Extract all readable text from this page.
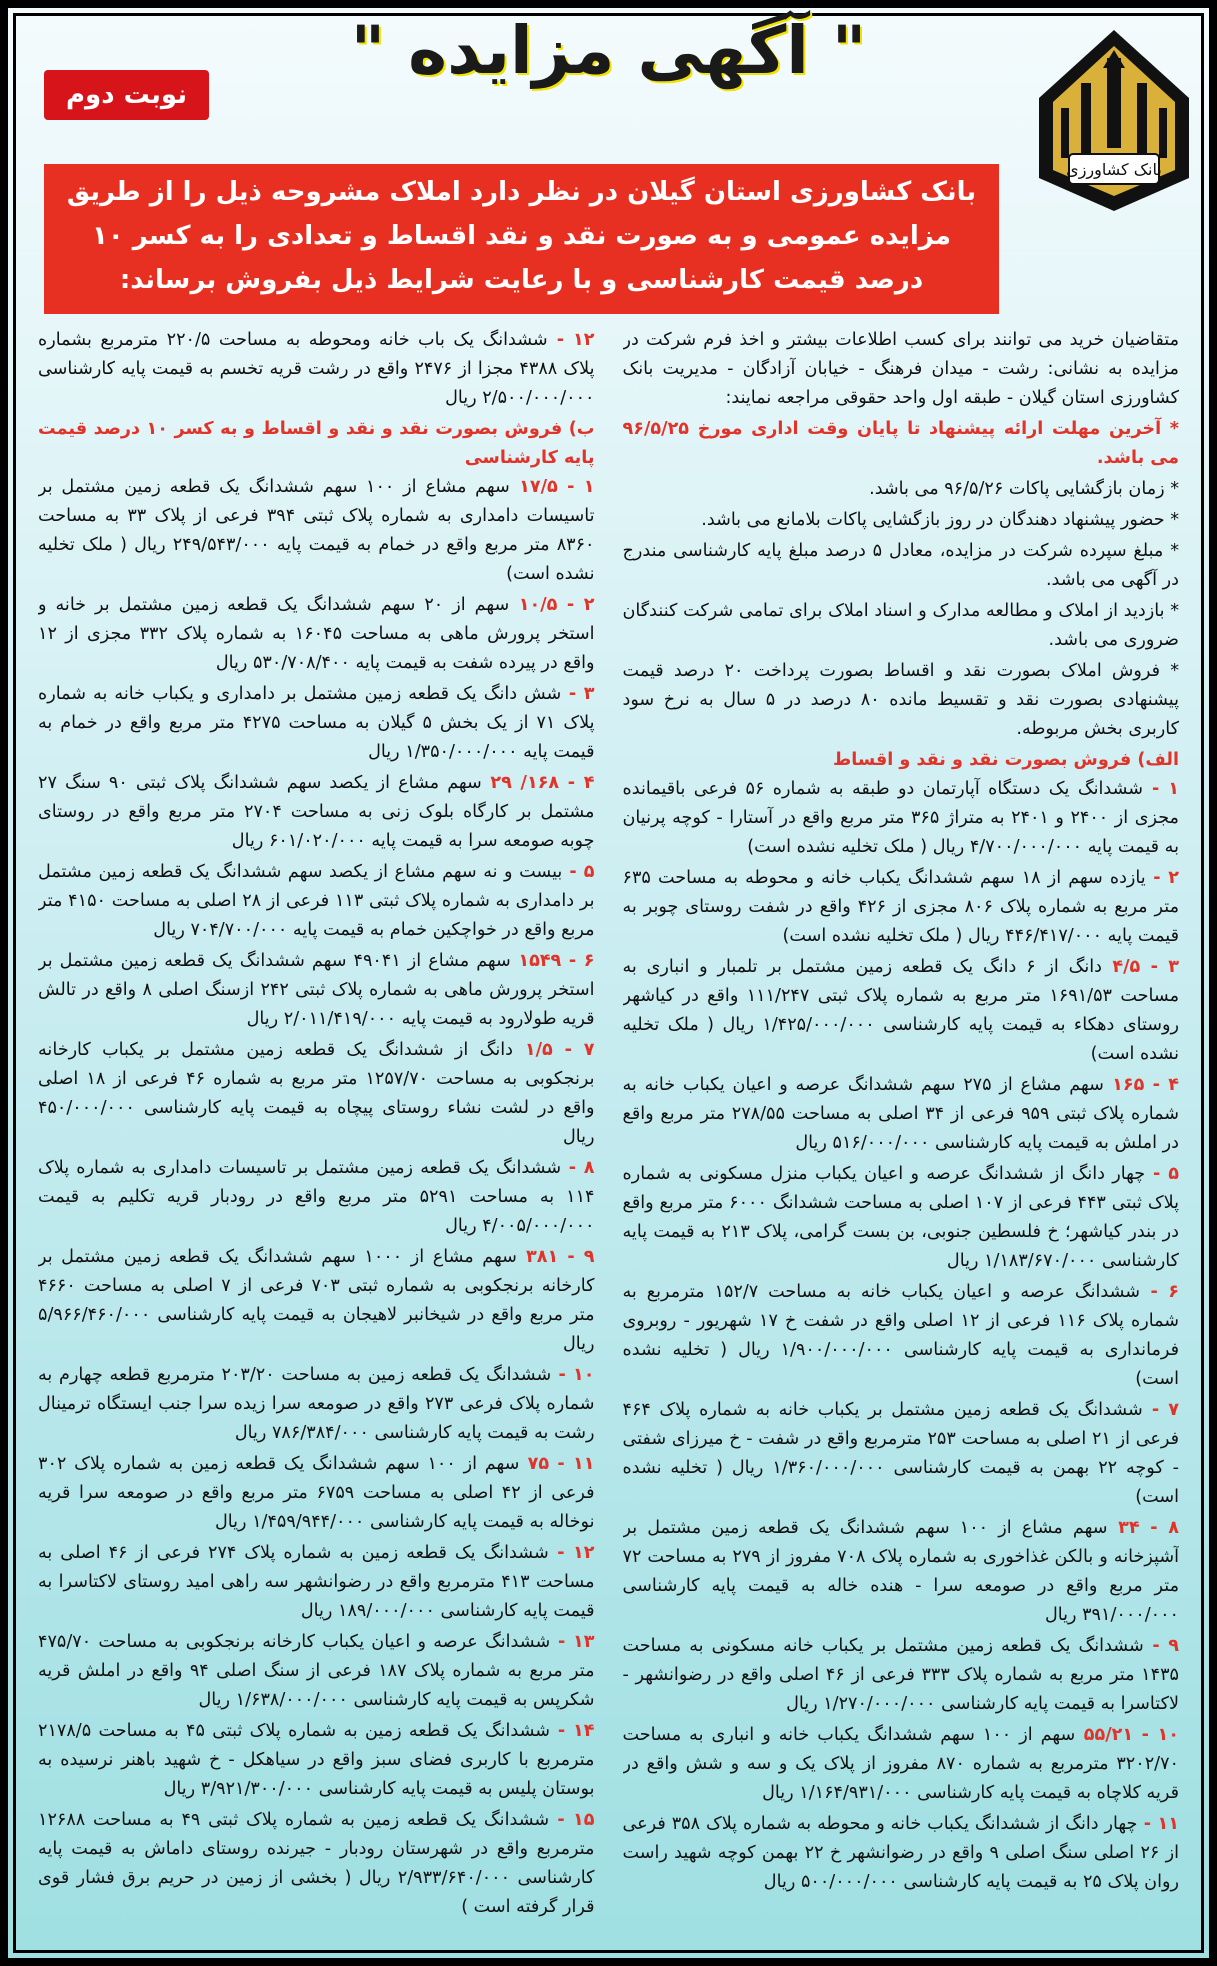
بانک کشاورزی
" آگهی مزایده "
نوبت دوم
بانک کشاورزی استان گیلان در نظر دارد املاک مشروحه ذیل را از طریق مزایده عمومی و به صورت نقد و نقد اقساط و تعدادی را به کسر ۱۰ درصد قیمت کارشناسی و با رعایت شرایط ذیل بفروش برساند:

متقاضیان خرید می توانند برای کسب اطلاعات بیشتر و اخذ فرم شرکت در مزایده به نشانی: رشت - میدان فرهنگ - خیابان آزادگان - مدیریت بانک کشاورزی استان گیلان - طبقه اول واحد حقوقی مراجعه نمایند:

* آخرین مهلت ارائه پیشنهاد تا پایان وقت اداری مورخ ۹۶/۵/۲۵ می باشد.

* زمان بازگشایی پاکات ۹۶/۵/۲۶ می باشد.

* حضور پیشنهاد دهندگان در روز بازگشایی پاکات بلامانع می باشد.

* مبلغ سپرده شرکت در مزایده، معادل ۵ درصد مبلغ پایه کارشناسی مندرج در آگهی می باشد.

* بازدید از املاک و مطالعه مدارک و اسناد املاک برای تمامی شرکت کنندگان ضروری می باشد.

* فروش املاک بصورت نقد و اقساط بصورت پرداخت ۲۰ درصد قیمت پیشنهادی بصورت نقد و تقسیط مانده ۸۰ درصد در ۵ سال به نرخ سود کاربری بخش مربوطه.

الف) فروش بصورت نقد و نقد و اقساط

۱ - ششدانگ یک دستگاه آپارتمان دو طبقه به شماره ۵۶ فرعی باقیمانده مجزی از ۲۴۰۰ و ۲۴۰۱ به متراژ ۳۶۵ متر مربع واقع در آستارا - کوچه پرنیان به قیمت پایه ۴/۷۰۰/۰۰۰/۰۰۰ ریال ( ملک تخلیه نشده است)

۲ - یازده سهم از ۱۸ سهم ششدانگ یکباب خانه و محوطه به مساحت ۶۳۵ متر مربع به شماره پلاک ۸۰۶ مجزی از ۴۲۶ واقع در شفت روستای چوبر به قیمت پایه ۴۴۶/۴۱۷/۰۰۰ ریال ( ملک تخلیه نشده است)

۳ - ۴/۵ دانگ از ۶ دانگ یک قطعه زمین مشتمل بر تلمبار و انباری به مساحت ۱۶۹۱/۵۳ متر مربع به شماره پلاک ثبتی ۱۱۱/۲۴۷ واقع در کیاشهر روستای دهکاء به قیمت پایه کارشناسی ۱/۴۲۵/۰۰۰/۰۰۰ ریال ( ملک تخلیه نشده است)

۴ - ۱۶۵ سهم مشاع از ۲۷۵ سهم ششدانگ عرصه و اعیان یکباب خانه به شماره پلاک ثبتی ۹۵۹ فرعی از ۳۴ اصلی به مساحت ۲۷۸/۵۵ متر مربع واقع در املش به قیمت پایه کارشناسی ۵۱۶/۰۰۰/۰۰۰ ریال

۵ - چهار دانگ از ششدانگ عرصه و اعیان یکباب منزل مسکونی به شماره پلاک ثبتی ۴۴۳ فرعی از ۱۰۷ اصلی به مساحت ششدانگ ۶۰۰۰ متر مربع واقع در بندر کیاشهر؛ خ فلسطین جنوبی، بن بست گرامی، پلاک ۲۱۳ به قیمت پایه کارشناسی ۱/۱۸۳/۶۷۰/۰۰۰ ریال

۶ - ششدانگ عرصه و اعیان یکباب خانه به مساحت ۱۵۲/۷ مترمربع به شماره پلاک ۱۱۶ فرعی از ۱۲ اصلی واقع در شفت خ ۱۷ شهریور - روبروی فرمانداری به قیمت پایه کارشناسی ۱/۹۰۰/۰۰۰/۰۰۰ ریال ( تخلیه نشده است)

۷ - ششدانگ یک قطعه زمین مشتمل بر یکباب خانه به شماره پلاک ۴۶۴ فرعی از ۲۱ اصلی به مساحت ۲۵۳ مترمربع واقع در شفت - خ میرزای شفتی - کوچه ۲۲ بهمن به قیمت کارشناسی ۱/۳۶۰/۰۰۰/۰۰۰ ریال ( تخلیه نشده است)

۸ - ۳۴ سهم مشاع از ۱۰۰ سهم ششدانگ یک قطعه زمین مشتمل بر آشپزخانه و بالکن غذاخوری به شماره پلاک ۷۰۸ مفروز از ۲۷۹ به مساحت ۷۲ متر مربع واقع در صومعه سرا - هنده خاله به قیمت پایه کارشناسی ۳۹۱/۰۰۰/۰۰۰ ریال

۹ - ششدانگ یک قطعه زمین مشتمل بر یکباب خانه مسکونی به مساحت ۱۴۳۵ متر مربع به شماره پلاک ۳۳۳ فرعی از ۴۶ اصلی واقع در رضوانشهر - لاکتاسرا به قیمت پایه کارشناسی ۱/۲۷۰/۰۰۰/۰۰۰ ریال

۱۰ - ۵۵/۲۱ سهم از ۱۰۰ سهم ششدانگ یکباب خانه و انباری به مساحت ۳۲۰۲/۷۰ مترمربع به شماره ۸۷۰ مفروز از پلاک یک و سه و شش واقع در قریه کلاچاه به قیمت پایه کارشناسی ۱/۱۶۴/۹۳۱/۰۰۰ ریال

۱۱ - چهار دانگ از ششدانگ یکباب خانه و محوطه به شماره پلاک ۳۵۸ فرعی از ۲۶ اصلی سنگ اصلی ۹ واقع در رضوانشهر خ ۲۲ بهمن کوچه شهید راست روان پلاک ۲۵ به قیمت پایه کارشناسی ۵۰۰/۰۰۰/۰۰۰ ریال

۱۲ - ششدانگ یک باب خانه ومحوطه به مساحت ۲۲۰/۵ مترمربع بشماره پلاک ۴۳۸۸ مجزا از ۲۴۷۶ واقع در رشت قریه تخسم به قیمت پایه کارشناسی ۲/۵۰۰/۰۰۰/۰۰۰ ریال

ب) فروش بصورت نقد و نقد و اقساط و به کسر ۱۰ درصد قیمت پایه کارشناسی

۱ - ۱۷/۵ سهم مشاع از ۱۰۰ سهم ششدانگ یک قطعه زمین مشتمل بر تاسیسات دامداری به شماره پلاک ثبتی ۳۹۴ فرعی از پلاک ۳۳ به مساحت ۸۳۶۰ متر مربع واقع در خمام به قیمت پایه ۲۴۹/۵۴۳/۰۰۰ ریال ( ملک تخلیه نشده است)

۲ - ۱۰/۵ سهم از ۲۰ سهم ششدانگ یک قطعه زمین مشتمل بر خانه و استخر پرورش ماهی به مساحت ۱۶۰۴۵ به شماره پلاک ۳۳۲ مجزی از ۱۲ واقع در پیرده شفت به قیمت پایه ۵۳۰/۷۰۸/۴۰۰ ریال

۳ - شش دانگ یک قطعه زمین مشتمل بر دامداری و یکباب خانه به شماره پلاک ۷۱ از یک بخش ۵ گیلان به مساحت ۴۲۷۵ متر مربع واقع در خمام به قیمت پایه ۱/۳۵۰/۰۰۰/۰۰۰ ریال

۴ - ۱۶۸/ ۲۹ سهم مشاع از یکصد سهم ششدانگ پلاک ثبتی ۹۰ سنگ ۲۷ مشتمل بر کارگاه بلوک زنی به مساحت ۲۷۰۴ متر مربع واقع در روستای چوبه صومعه سرا به قیمت پایه ۶۰۱/۰۲۰/۰۰۰ ریال

۵ - بیست و نه سهم مشاع از یکصد سهم ششدانگ یک قطعه زمین مشتمل بر دامداری به شماره پلاک ثبتی ۱۱۳ فرعی از ۲۸ اصلی به مساحت ۴۱۵۰ متر مربع واقع در خواچکین خمام به قیمت پایه ۷۰۴/۷۰۰/۰۰۰ ریال

۶ - ۱۵۴۹ سهم مشاع از ۴۹۰۴۱ سهم ششدانگ یک قطعه زمین مشتمل بر استخر پرورش ماهی به شماره پلاک ثبتی ۲۴۲ ازسنگ اصلی ۸ واقع در تالش قریه طولارود به قیمت پایه ۲/۰۱۱/۴۱۹/۰۰۰ ریال

۷ - ۱/۵ دانگ از ششدانگ یک قطعه زمین مشتمل بر یکباب کارخانه برنجکوبی به مساحت ۱۲۵۷/۷۰ متر مربع به شماره ۴۶ فرعی از ۱۸ اصلی واقع در لشت نشاء روستای پیچاه به قیمت پایه کارشناسی ۴۵۰/۰۰۰/۰۰۰ ریال

۸ - ششدانگ یک قطعه زمین مشتمل بر تاسیسات دامداری به شماره پلاک ۱۱۴ به مساحت ۵۲۹۱ متر مربع واقع در رودبار قریه تکلیم به قیمت ۴/۰۰۵/۰۰۰/۰۰۰ ریال

۹ - ۳۸۱ سهم مشاع از ۱۰۰۰ سهم ششدانگ یک قطعه زمین مشتمل بر کارخانه برنجکوبی به شماره ثبتی ۷۰۳ فرعی از ۷ اصلی به مساحت ۴۶۶۰ متر مربع واقع در شیخانبر لاهیجان به قیمت پایه کارشناسی ۵/۹۶۶/۴۶۰/۰۰۰ ریال

۱۰ - ششدانگ یک قطعه زمین به مساحت ۲۰۳/۲۰ مترمربع قطعه چهارم به شماره پلاک فرعی ۲۷۳ واقع در صومعه سرا زیده سرا جنب ایستگاه ترمینال رشت به قیمت پایه کارشناسی ۷۸۶/۳۸۴/۰۰۰ ریال

۱۱ - ۷۵ سهم از ۱۰۰ سهم ششدانگ یک قطعه زمین به شماره پلاک ۳۰۲ فرعی از ۴۲ اصلی به مساحت ۶۷۵۹ متر مربع واقع در صومعه سرا قریه نوخاله به قیمت پایه کارشناسی ۱/۴۵۹/۹۴۴/۰۰۰ ریال

۱۲ - ششدانگ یک قطعه زمین به شماره پلاک ۲۷۴ فرعی از ۴۶ اصلی به مساحت ۴۱۳ مترمربع واقع در رضوانشهر سه راهی امید روستای لاکتاسرا به قیمت پایه کارشناسی ۱۸۹/۰۰۰/۰۰۰ ریال

۱۳ - ششدانگ عرصه و اعیان یکباب کارخانه برنجکوبی به مساحت ۴۷۵/۷۰ متر مربع به شماره پلاک ۱۸۷ فرعی از سنگ اصلی ۹۴ واقع در املش قریه شکرپس به قیمت پایه کارشناسی ۱/۶۳۸/۰۰۰/۰۰۰ ریال

۱۴ - ششدانگ یک قطعه زمین به شماره پلاک ثبتی ۴۵ به مساحت ۲۱۷۸/۵ مترمربع با کاربری فضای سبز واقع در سیاهکل - خ شهید باهنر نرسیده به بوستان پلیس به قیمت پایه کارشناسی ۳/۹۲۱/۳۰۰/۰۰۰ ریال

۱۵ - ششدانگ یک قطعه زمین به شماره پلاک ثبتی ۴۹ به مساحت ۱۲۶۸۸ مترمربع واقع در شهرستان رودبار - جیرنده روستای داماش به قیمت پایه کارشناسی ۲/۹۳۳/۶۴۰/۰۰۰ ریال ( بخشی از زمین در حریم برق فشار قوی قرار گرفته است )
